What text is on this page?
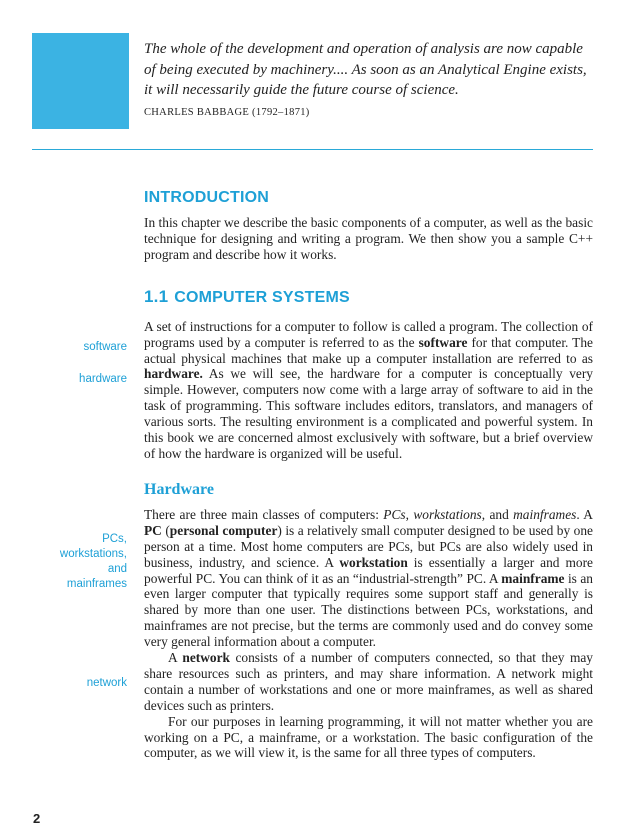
The whole of the development and operation of analysis are now capable of being executed by machinery.... As soon as an Analytical Engine exists, it will necessarily guide the future course of science.

CHARLES BABBAGE (1792–1871)
software
hardware
PCs,
workstations,
and
mainframes
network
INTRODUCTION

In this chapter we describe the basic components of a computer, as well as the basic technique for designing and writing a program. We then show you a sample C++ program and describe how it works.

1.1 COMPUTER SYSTEMS

A set of instructions for a computer to follow is called a program. The collection of programs used by a computer is referred to as the software for that computer. The actual physical machines that make up a computer installation are referred to as hardware. As we will see, the hardware for a computer is conceptually very simple. However, computers now come with a large array of software to aid in the task of programming. This software includes editors, translators, and managers of various sorts. The resulting environment is a complicated and powerful system. In this book we are concerned almost exclusively with software, but a brief overview of how the hardware is organized will be useful.

Hardware

There are three main classes of computers: PCs, workstations, and mainframes. A PC (personal computer) is a relatively small computer designed to be used by one person at a time. Most home computers are PCs, but PCs are also widely used in business, industry, and science. A workstation is essentially a larger and more powerful PC. You can think of it as an “industrial-strength” PC. A mainframe is an even larger computer that typically requires some support staff and generally is shared by more than one user. The distinctions between PCs, workstations, and mainframes are not precise, but the terms are commonly used and do convey some very general information about a computer.

A network consists of a number of computers connected, so that they may share resources such as printers, and may share information. A network might contain a number of workstations and one or more mainframes, as well as shared devices such as printers.

For our purposes in learning programming, it will not matter whether you are working on a PC, a mainframe, or a workstation. The basic configuration of the computer, as we will view it, is the same for all three types of computers.

2
